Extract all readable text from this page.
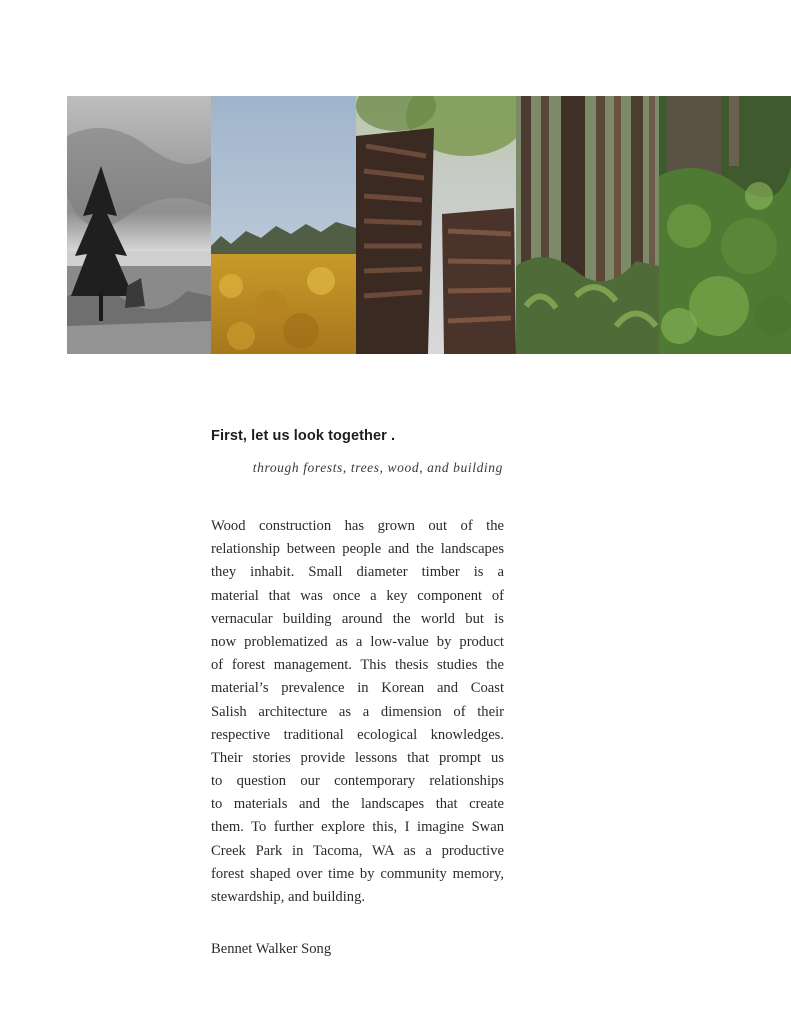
First, let us look together .
through forests, trees, wood, and building
Wood construction has grown out of the
relationship between people and the landscapes
they inhabit. Small diameter timber is a
material that was once a key component of
vernacular building around the world but is
now problematized as a low-value by product
of forest management. This thesis studies the
material’s prevalence in Korean and Coast
Salish architecture as a dimension of their
respective traditional ecological knowledges.
Their stories provide lessons that prompt us
to question our contemporary relationships
to materials and the landscapes that create
them. To further explore this, I imagine Swan
Creek Park in Tacoma, WA as a productive
forest shaped over time by community memory,
stewardship, and building.
Bennet Walker Song
